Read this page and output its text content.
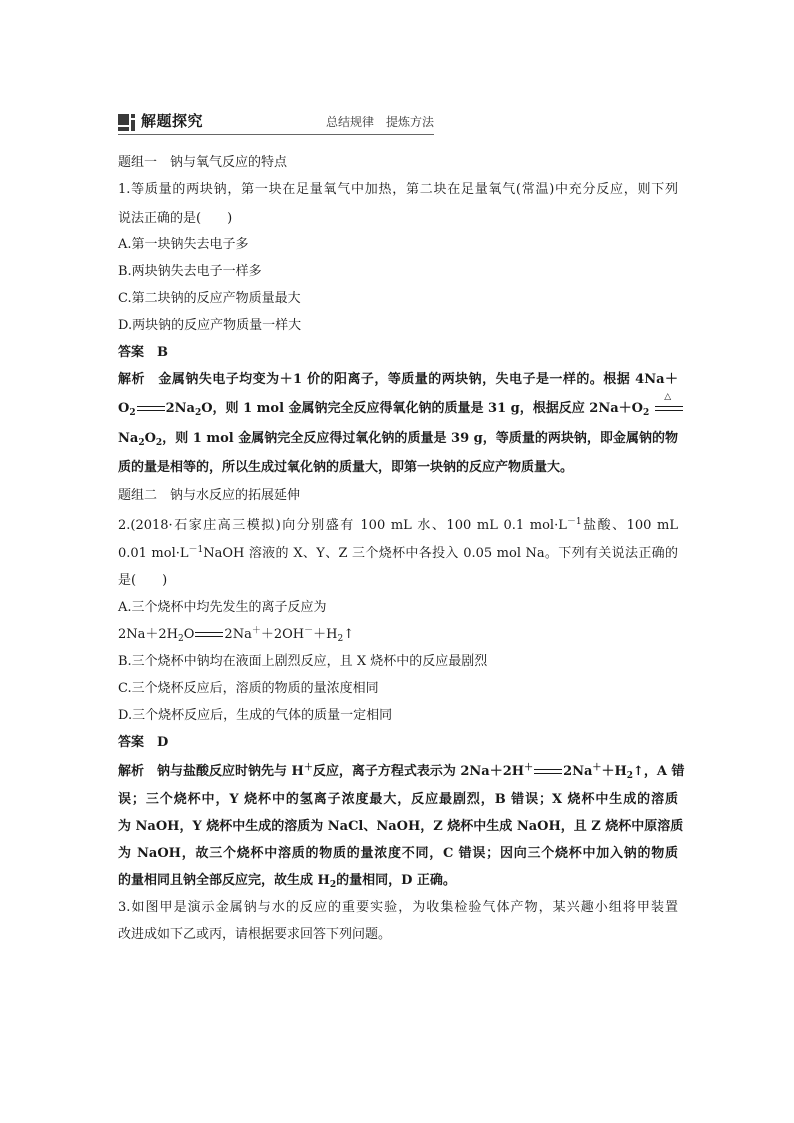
解题探究	总结规律　提炼方法
题组一　钠与氧气反应的特点
1.等质量的两块钠，第一块在足量氧气中加热，第二块在足量氧气(常温)中充分反应，则下列
说法正确的是(　　)
A.第一块钠失去电子多
B.两块钠失去电子一样多
C.第二块钠的反应产物质量最大
D.两块钠的反应产物质量一样大
答案　B
解析　金属钠失电子均变为＋1 价的阳离子，等质量的两块钠，失电子是一样的。根据 4Na＋
$O_2$ $2Na_2O$，则 1 mol 金属钠完全反应得氧化钠的质量是 31 g，根据反应 $2Na+O_2$
△
$Na_2O_2$，则 1 mol 金属钠完全反应得过氧化钠的质量是 39 g，等质量的两块钠，即金属钠的物
质的量是相等的，所以生成过氧化钠的质量大，即第一块钠的反应产物质量大。
题组二　钠与水反应的拓展延伸
2.(2018·石家庄高三模拟)向分别盛有 100 mL 水、100 mL 0.1 $mol\cdot L^{-1}$盐酸、100 mL
0.01 $mol\cdot L^{-1}NaOH$ 溶液的 X、Y、Z 三个烧杯中各投入 0.05 mol Na。下列有关说法正确的
是(　　)
A.三个烧杯中均先发生的离子反应为
$2Na+2H_2O$ $2Na^++2OH^-+H_2↑$
B.三个烧杯中钠均在液面上剧烈反应，且 X 烧杯中的反应最剧烈
C.三个烧杯反应后，溶质的物质的量浓度相同
D.三个烧杯反应后，生成的气体的质量一定相同
答案　D
解析　钠与盐酸反应时钠先与 H＋反应，离子方程式表示为 2Na＋2H＋ $2Na^++H_2↑$，A 错
误；三个烧杯中，Y 烧杯中的氢离子浓度最大，反应最剧烈，B 错误；X 烧杯中生成的溶质
为 NaOH，Y 烧杯中生成的溶质为 NaCl、NaOH，Z 烧杯中生成 NaOH，且 Z 烧杯中原溶质
为 NaOH，故三个烧杯中溶质的物质的量浓度不同，C 错误；因向三个烧杯中加入钠的物质
的量相同且钠全部反应完，故生成 $H_2$的量相同，D 正确。
3.如图甲是演示金属钠与水的反应的重要实验，为收集检验气体产物，某兴趣小组将甲装置
改进成如下乙或丙，请根据要求回答下列问题。
